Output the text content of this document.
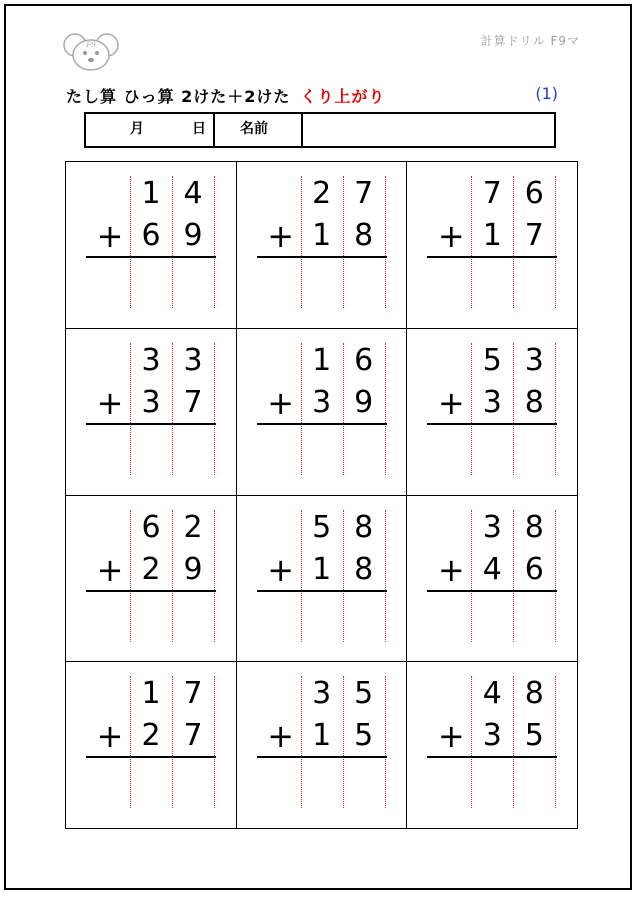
F9	計算ドリル F9マ
たし算 ひっ算 2けた＋2けた くり上がり	(1)
月	日 名前
1 4
+ 6 9
2 7
+ 1 8
7 6
+ 1 7
3 3
+ 3 7
1 6
+ 3 9
5 3
+ 3 8
6 2
+ 2 9
5 8
+ 1 8
3 8
+ 4 6
1 7
+ 2 7
3 5
+ 1 5
4 8
+ 3 5
